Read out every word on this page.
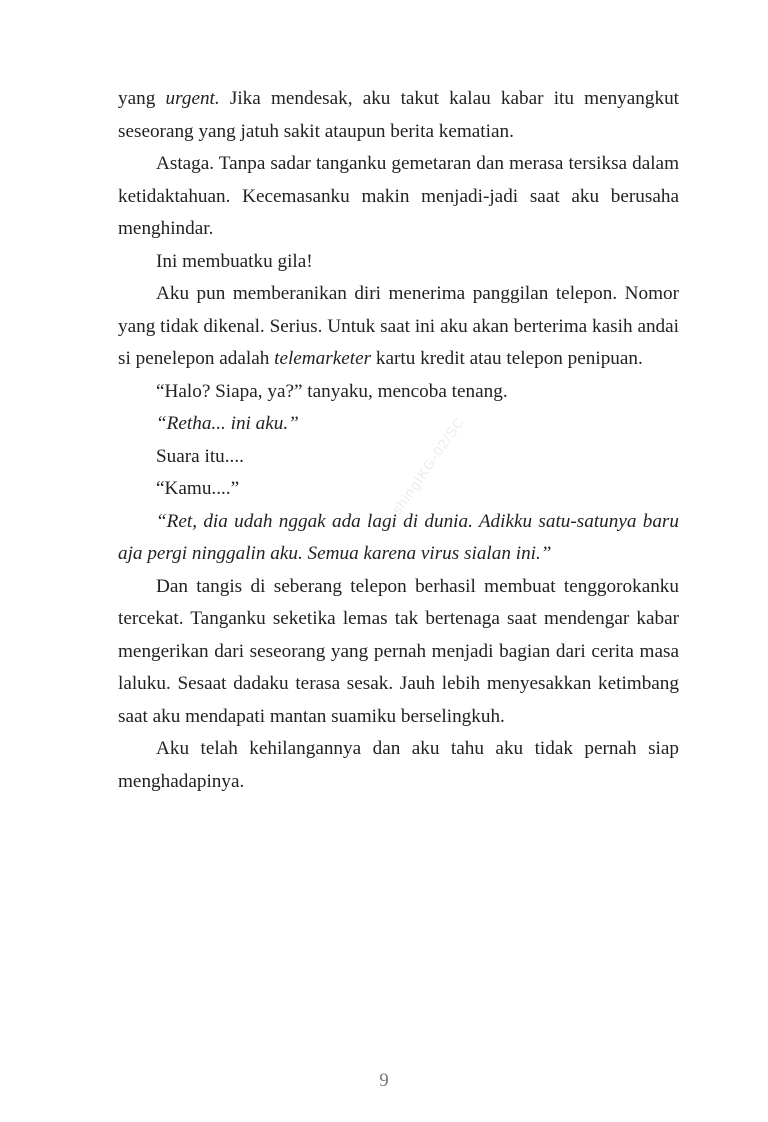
yang urgent. Jika mendesak, aku takut kalau kabar itu menyangkut seseorang yang jatuh sakit ataupun berita kematian.

Astaga. Tanpa sadar tanganku gemetaran dan merasa tersiksa dalam ketidaktahuan. Kecemasanku makin menjadi-jadi saat aku berusaha menghindar.

Ini membuatku gila!

Aku pun memberanikan diri menerima panggilan telepon. Nomor yang tidak dikenal. Serius. Untuk saat ini aku akan berterima kasih andai si penelepon adalah telemarketer kartu kredit atau telepon penipuan.

“Halo? Siapa, ya?” tanyaku, mencoba tenang.

“Retha... ini aku.”

Suara itu....

“Kamu....”

“Ret, dia udah nggak ada lagi di dunia. Adikku satu-satunya baru aja pergi ninggalin aku. Semua karena virus sialan ini.”

Dan tangis di seberang telepon berhasil membuat tenggorokanku tercekat. Tanganku seketika lemas tak bertenaga saat mendengar kabar mengerikan dari seseorang yang pernah menjadi bagian dari cerita masa laluku. Sesaat dadaku terasa sesak. Jauh lebih menyesakkan ketimbang saat aku mendapati mantan suamiku berselingkuh.

Aku telah kehilangannya dan aku tahu aku tidak pernah siap menghadapinya.

...shingIKG-02/SC
9
